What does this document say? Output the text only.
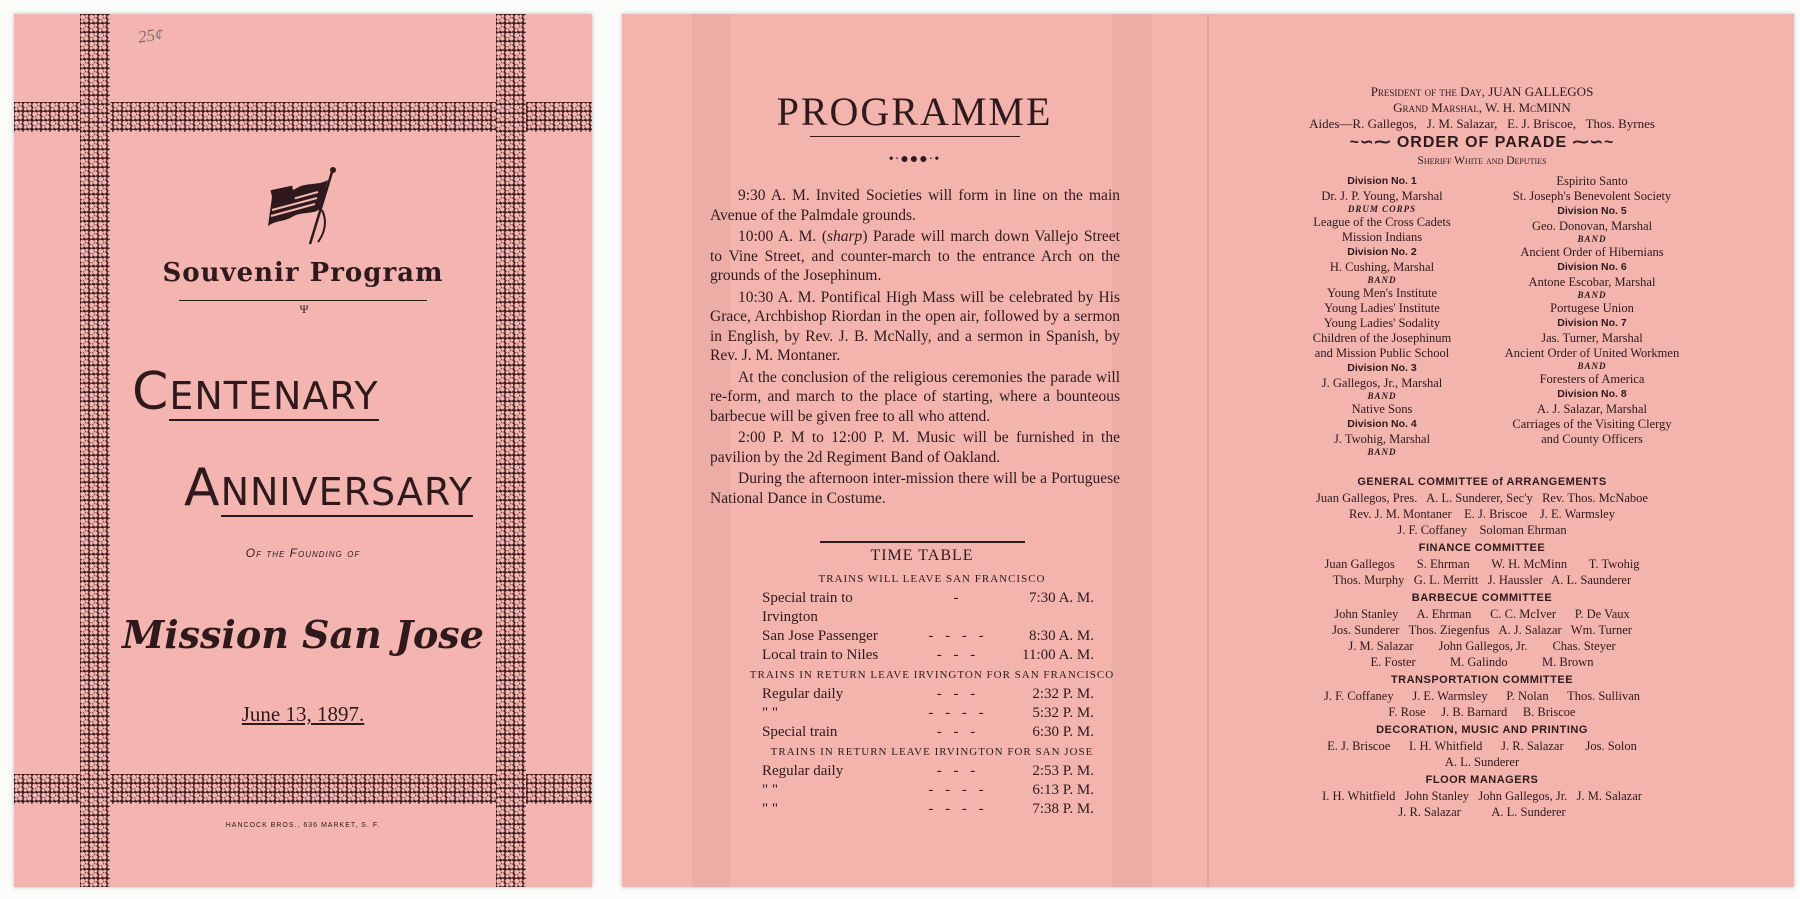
25¢
Souvenir Program
Ψ
CENTENARY
ANNIVERSARY
Of the Founding of
Mission San Jose
June 13, 1897.
HANCOCK BROS., 636 MARKET, S. F.
PROGRAMME
•·●●●·•

9:30 A. M. Invited Societies will form in line on the main Avenue of the Palmdale grounds.

10:00 A. M. (sharp) Parade will march down Vallejo Street to Vine Street, and counter-march to the entrance Arch on the grounds of the Josephinum.

10:30 A. M. Pontifical High Mass will be celebrated by His Grace, Archbishop Riordan in the open air, followed by a sermon in English, by Rev. J. B. McNally, and a sermon in Spanish, by Rev. J. M. Montaner.

At the conclusion of the religious ceremonies the parade will re-form, and march to the place of starting, where a bounteous barbecue will be given free to all who attend.

2:00 P. M to 12:00 P. M. Music will be furnished in the pavilion by the 2d Regiment Band of Oakland.

During the afternoon inter-mission there will be a Portuguese National Dance in Costume.

TIME TABLE
TRAINS WILL LEAVE SAN FRANCISCO
Special train to Irvington
-	7:30 A. M.
San Jose Passenger	- - - -	8:30 A. M.
Local train to Niles	- - -	11:00 A. M.
TRAINS IN RETURN LEAVE IRVINGTON FOR SAN FRANCISCO
Regular daily	- - -	2:32 P. M.
" "	- - - -	5:32 P. M.
Special train	- - -	6:30 P. M.
TRAINS IN RETURN LEAVE IRVINGTON FOR SAN JOSE
Regular daily	- - -	2:53 P. M.
" "	- - - -	6:13 P. M.
" "	- - - -	7:38 P. M.
President of the Day, JUAN GALLEGOS
Grand Marshal, W. H. McMINN
Aides—R. Gallegos,   J. M. Salazar,   E. J. Briscoe,   Thos. Byrnes
~∽⁓ ORDER OF PARADE ⁓∽~
Sheriff White and Deputies
Division No. 1
Dr. J. P. Young, Marshal
DRUM CORPS
League of the Cross Cadets
Mission Indians
Division No. 2
H. Cushing, Marshal
BAND
Young Men's Institute
Young Ladies' Institute
Young Ladies' Sodality
Children of the Josephinum
and Mission Public School
Division No. 3
J. Gallegos, Jr., Marshal
BAND
Native Sons
Division No. 4
J. Twohig, Marshal
BAND
Espirito Santo
St. Joseph's Benevolent Society
Division No. 5
Geo. Donovan, Marshal
BAND
Ancient Order of Hibernians
Division No. 6
Antone Escobar, Marshal
BAND
Portugese Union
Division No. 7
Jas. Turner, Marshal
Ancient Order of United Workmen
BAND
Foresters of America
Division No. 8
A. J. Salazar, Marshal
Carriages of the Visiting Clergy
and County Officers
GENERAL COMMITTEE of ARRANGEMENTS
Juan Gallegos, Pres.   A. L. Sunderer, Sec'y   Rev. Thos. McNaboe
Rev. J. M. Montaner    E. J. Briscoe    J. E. Warmsley
J. F. Coffaney    Soloman Ehrman
FINANCE COMMITTEE
Juan Gallegos       S. Ehrman       W. H. McMinn       T. Twohig
Thos. Murphy   G. L. Merritt   J. Haussler   A. L. Saunderer
BARBECUE COMMITTEE
John Stanley      A. Ehrman      C. C. McIver      P. De Vaux
Jos. Sunderer   Thos. Ziegenfus   A. J. Salazar   Wm. Turner
J. M. Salazar        John Gallegos, Jr.        Chas. Steyer
E. Foster           M. Galindo           M. Brown
TRANSPORTATION COMMITTEE
J. F. Coffaney      J. E. Warmsley      P. Nolan      Thos. Sullivan
F. Rose     J. B. Barnard     B. Briscoe
DECORATION, MUSIC AND PRINTING
E. J. Briscoe      I. H. Whitfield      J. R. Salazar       Jos. Solon
A. L. Sunderer
FLOOR MANAGERS
I. H. Whitfield   John Stanley   John Gallegos, Jr.   J. M. Salazar
J. R. Salazar          A. L. Sunderer
